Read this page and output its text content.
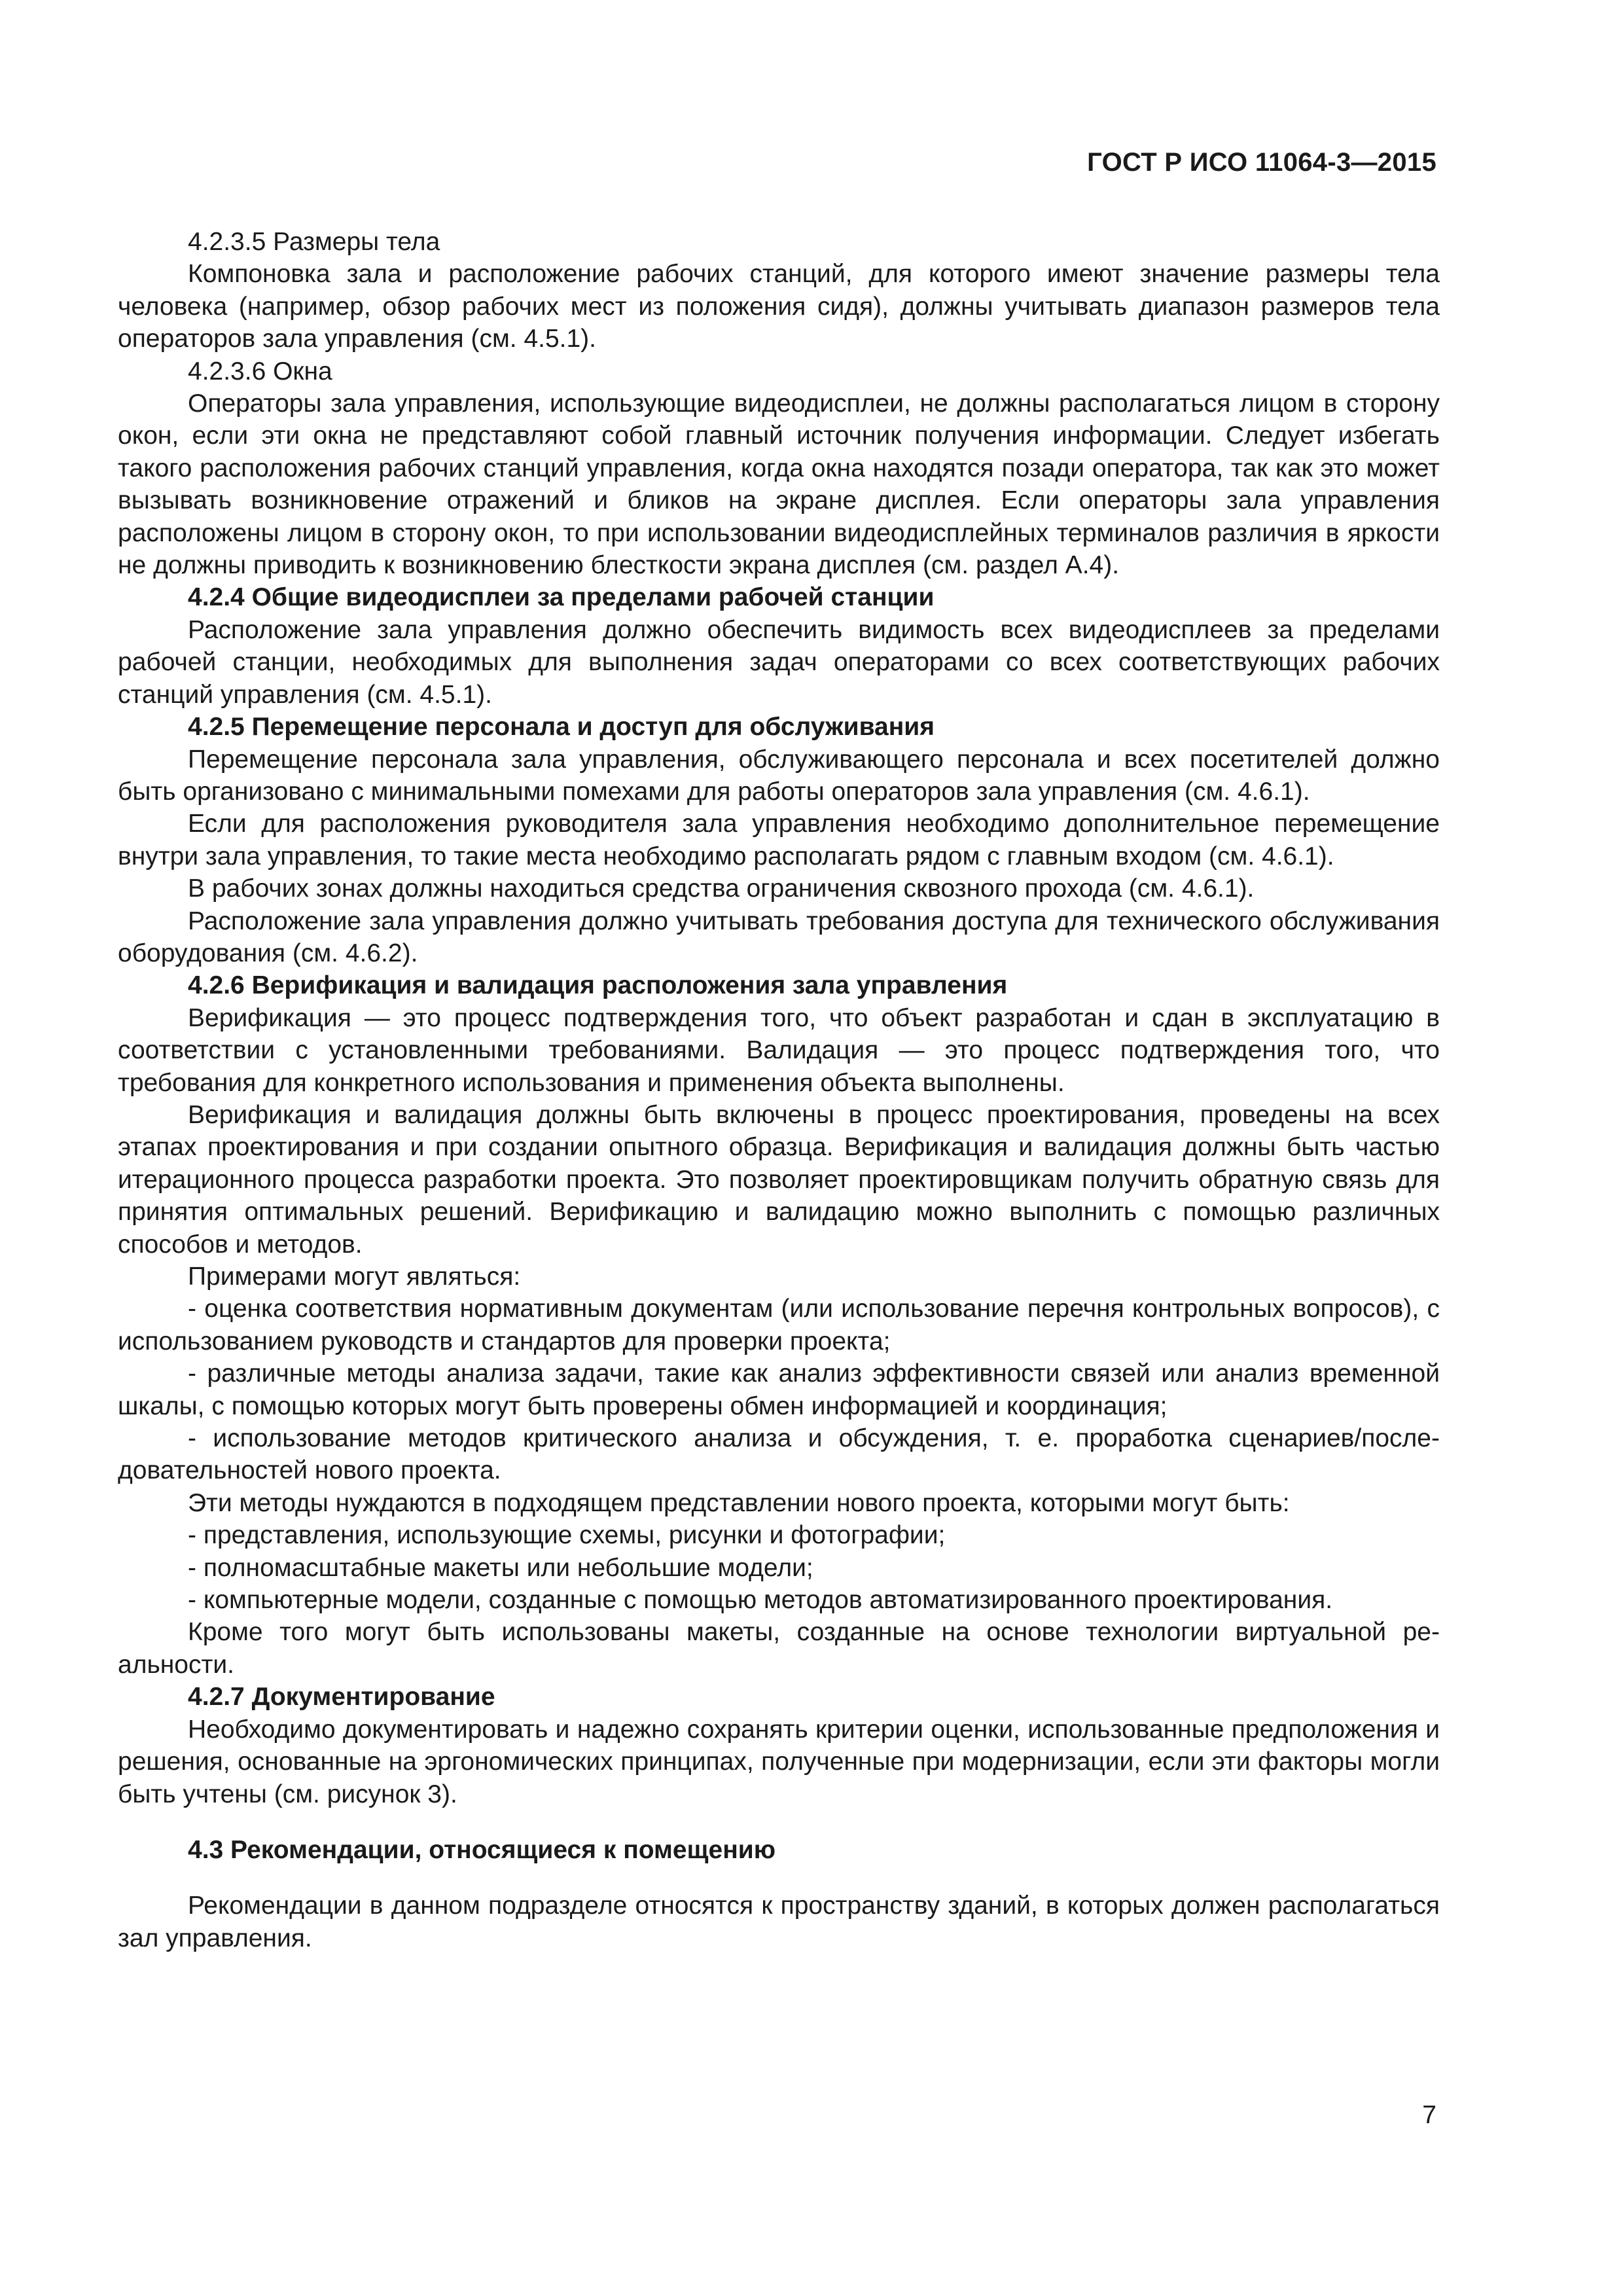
ГОСТ Р ИСО 11064-3—2015

4.2.3.5 Размеры тела

Компоновка зала и расположение рабочих станций, для которого имеют значение размеры тела человека (например, обзор рабочих мест из положения сидя), должны учитывать диапазон размеров тела операторов зала управления (см. 4.5.1).

4.2.3.6 Окна

Операторы зала управления, использующие видеодисплеи, не должны располагаться лицом в сторону окон, если эти окна не представляют собой главный источник получения информации. Следует избегать такого расположения рабочих станций управления, когда окна находятся позади оператора, так как это может вызывать возникновение отражений и бликов на экране дисплея. Если операторы зала управления расположены лицом в сторону окон, то при использовании видеодисплейных терминалов различия в яркости не должны приводить к возникновению блесткости экрана дисплея (см. раздел А.4).

4.2.4 Общие видеодисплеи за пределами рабочей станции

Расположение зала управления должно обеспечить видимость всех видеодисплеев за пределами рабочей станции, необходимых для выполнения задач операторами со всех соответствующих рабочих станций управления (см. 4.5.1).

4.2.5 Перемещение персонала и доступ для обслуживания

Перемещение персонала зала управления, обслуживающего персонала и всех посетителей должно быть организовано с минимальными помехами для работы операторов зала управления (см. 4.6.1).

Если для расположения руководителя зала управления необходимо дополнительное перемещение внутри зала управления, то такие места необходимо располагать рядом с главным входом (см. 4.6.1).

В рабочих зонах должны находиться средства ограничения сквозного прохода (см. 4.6.1).

Расположение зала управления должно учитывать требования доступа для технического обслуживания оборудования (см. 4.6.2).

4.2.6 Верификация и валидация расположения зала управления

Верификация — это процесс подтверждения того, что объект разработан и сдан в эксплуатацию в соответствии с установленными требованиями. Валидация — это процесс подтверждения того, что требования для конкретного использования и применения объекта выполнены.

Верификация и валидация должны быть включены в процесс проектирования, проведены на всех этапах проектирования и при создании опытного образца. Верификация и валидация должны быть частью итерационного процесса разработки проекта. Это позволяет проектировщикам получить обратную связь для принятия оптимальных решений. Верификацию и валидацию можно выполнить с помощью различных способов и методов.

Примерами могут являться:

- оценка соответствия нормативным документам (или использование перечня контрольных вопросов), с использованием руководств и стандартов для проверки проекта;

- различные методы анализа задачи, такие как анализ эффективности связей или анализ временной шкалы, с помощью которых могут быть проверены обмен информацией и координация;

- использование методов критического анализа и обсуждения, т. е. проработка сценариев/последовательностей нового проекта.

Эти методы нуждаются в подходящем представлении нового проекта, которыми могут быть:

- представления, использующие схемы, рисунки и фотографии;

- полномасштабные макеты или небольшие модели;

- компьютерные модели, созданные с помощью методов автоматизированного проектирования.

Кроме того могут быть использованы макеты, созданные на основе технологии виртуальной реальности.

4.2.7 Документирование

Необходимо документировать и надежно сохранять критерии оценки, использованные предположения и решения, основанные на эргономических принципах, полученные при модернизации, если эти факторы могли быть учтены (см. рисунок 3).

4.3 Рекомендации, относящиеся к помещению

Рекомендации в данном подразделе относятся к пространству зданий, в которых должен располагаться зал управления.

7
